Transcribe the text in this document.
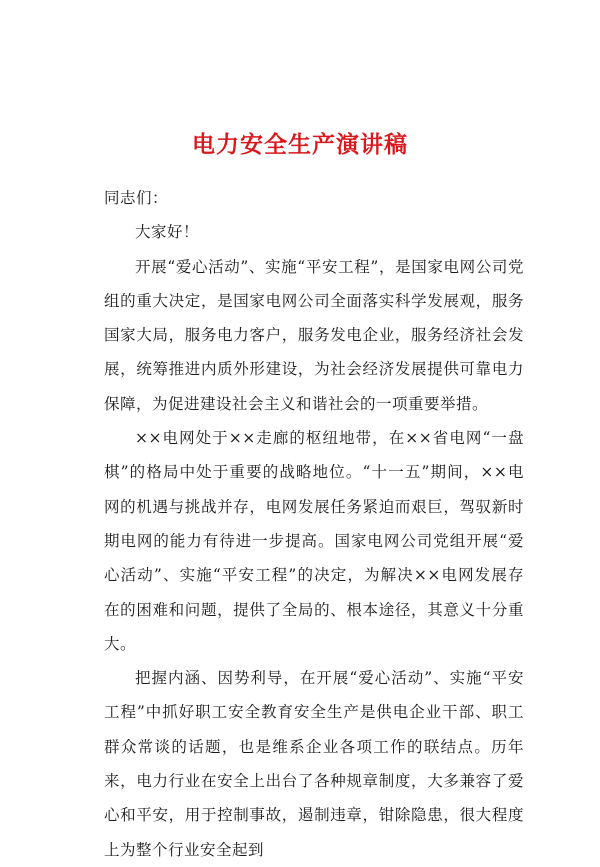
电力安全生产演讲稿

同志们：

大家好！

开展“爱心活动”、实施“平安工程”，是国家电网公司党组的重大决定，是国家电网公司全面落实科学发展观，服务国家大局，服务电力客户，服务发电企业，服务经济社会发展，统筹推进内质外形建设，为社会经济发展提供可靠电力保障，为促进建设社会主义和谐社会的一项重要举措。

××电网处于××走廊的枢纽地带，在××省电网“一盘棋”的格局中处于重要的战略地位。“十一五”期间，××电网的机遇与挑战并存，电网发展任务紧迫而艰巨，驾驭新时期电网的能力有待进一步提高。国家电网公司党组开展“爱心活动”、实施“平安工程”的决定，为解决××电网发展存在的困难和问题，提供了全局的、根本途径，其意义十分重大。

把握内涵、因势利导，在开展“爱心活动”、实施“平安工程”中抓好职工安全教育安全生产是供电企业干部、职工群众常谈的话题，也是维系企业各项工作的联结点。历年来，电力行业在安全上出台了各种规章制度，大多兼容了爱心和平安，用于控制事故，遏制违章，钳除隐患，很大程度上为整个行业安全起到
